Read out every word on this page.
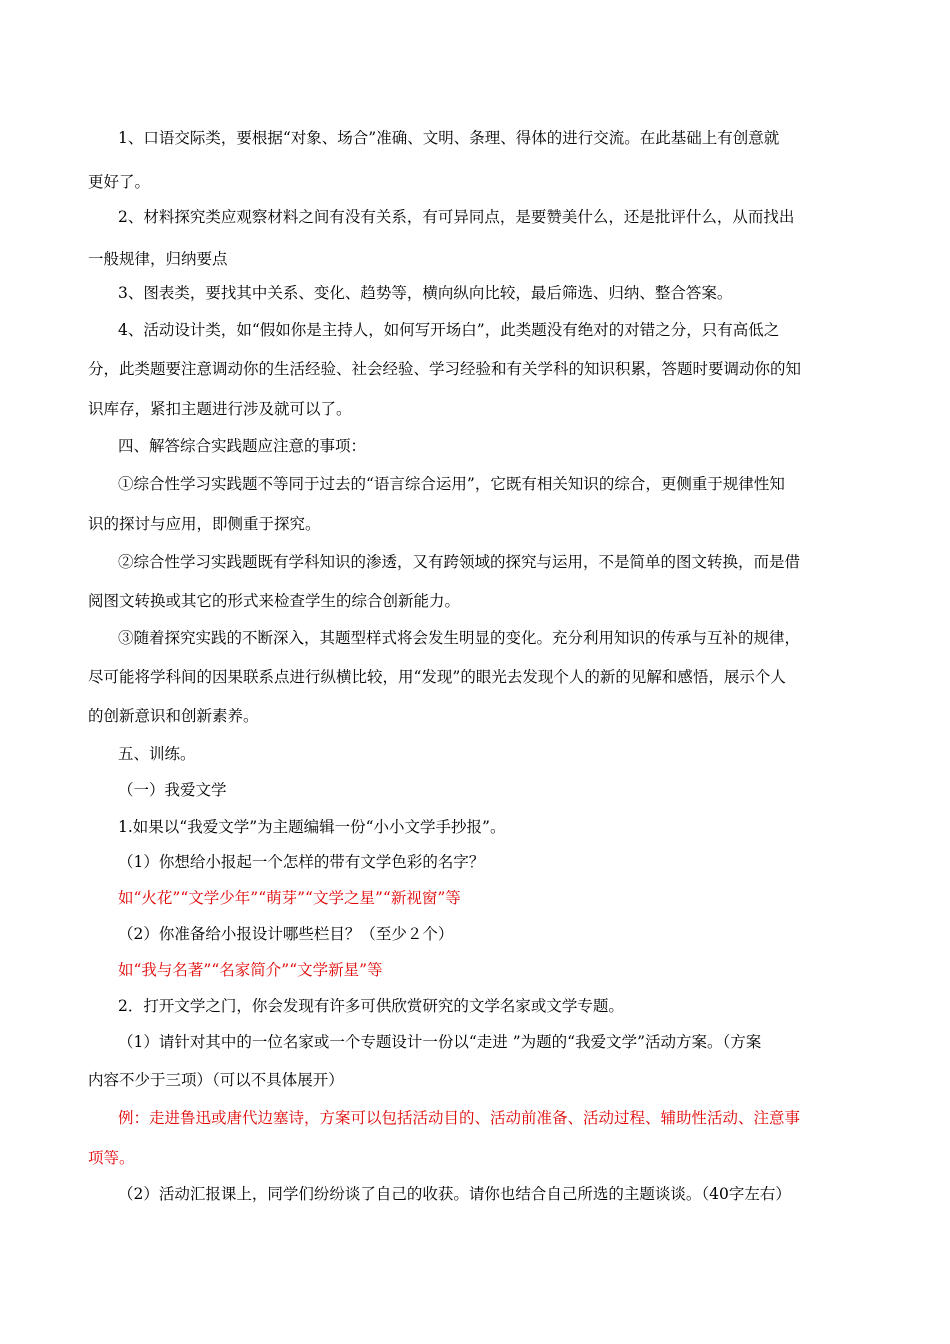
1、口语交际类，要根据“对象、场合”准确、文明、条理、得体的进行交流。在此基础上有创意就
更好了。
2、材料探究类应观察材料之间有没有关系，有可异同点，是要赞美什么，还是批评什么，从而找出
一般规律，归纳要点
3、图表类，要找其中关系、变化、趋势等，横向纵向比较，最后筛选、归纳、整合答案。
4、活动设计类，如“假如你是主持人，如何写开场白”，此类题没有绝对的对错之分，只有高低之
分，此类题要注意调动你的生活经验、社会经验、学习经验和有关学科的知识积累，答题时要调动你的知
识库存，紧扣主题进行涉及就可以了。
四、解答综合实践题应注意的事项：
①综合性学习实践题不等同于过去的“语言综合运用”，它既有相关知识的综合，更侧重于规律性知
识的探讨与应用，即侧重于探究。
②综合性学习实践题既有学科知识的渗透，又有跨领域的探究与运用，不是简单的图文转换，而是借
阅图文转换或其它的形式来检查学生的综合创新能力。
③随着探究实践的不断深入，其题型样式将会发生明显的变化。充分利用知识的传承与互补的规律，
尽可能将学科间的因果联系点进行纵横比较，用“发现”的眼光去发现个人的新的见解和感悟，展示个人
的创新意识和创新素养。
五、训练。
（一）我爱文学
1.如果以“我爱文学”为主题编辑一份“小小文学手抄报”。
（1）你想给小报起一个怎样的带有文学色彩的名字？
如“火花”“文学少年”“萌芽”“文学之星”“新视窗”等
（2）你准备给小报设计哪些栏目？（至少２个）
如“我与名著”“名家简介”“文学新星”等
2．打开文学之门，你会发现有许多可供欣赏研究的文学名家或文学专题。
（1）请针对其中的一位名家或一个专题设计一份以“走进 ”为题的“我爱文学”活动方案。（方案
内容不少于三项）（可以不具体展开）
例：走进鲁迅或唐代边塞诗，方案可以包括活动目的、活动前准备、活动过程、辅助性活动、注意事
项等。
（2）活动汇报课上，同学们纷纷谈了自己的收获。请你也结合自己所选的主题谈谈。（40字左右）
